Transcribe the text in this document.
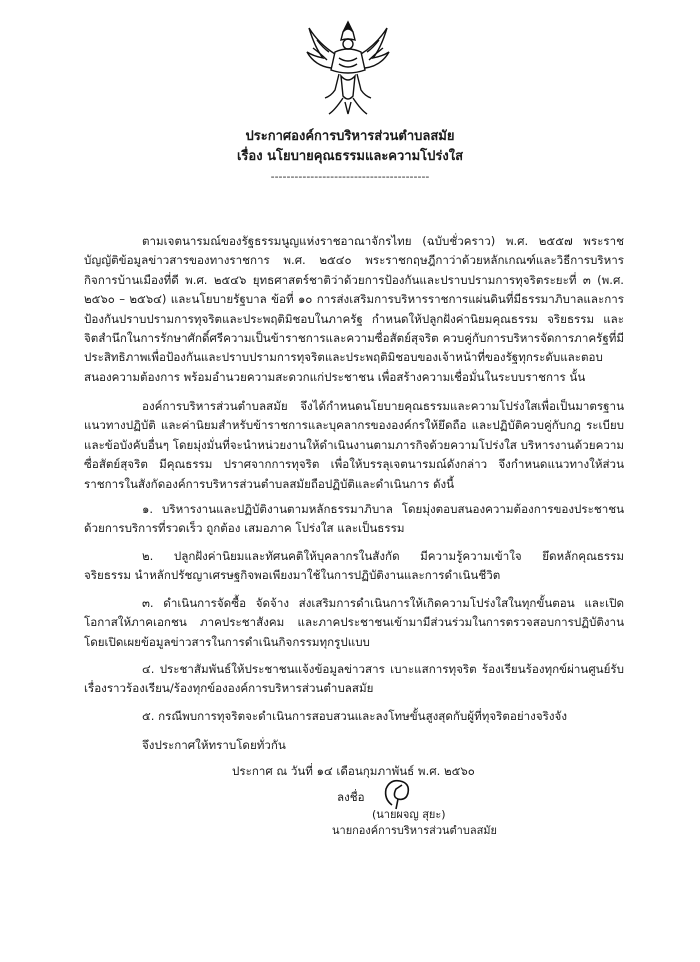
ประกาศองค์การบริหารส่วนตำบลสมัย

เรื่อง นโยบายคุณธรรมและความโปร่งใส

----------------------------------------
ตามเจตนารมณ์ของรัฐธรรมนูญแห่งราชอาณาจักรไทย (ฉบับชั่วคราว) พ.ศ. ๒๕๕๗ พระราชบัญญัติข้อมูลข่าวสารของทางราชการ พ.ศ. ๒๕๔๐ พระราชกฤษฎีกาว่าด้วยหลักเกณฑ์และวิธีการบริหารกิจการบ้านเมืองที่ดี พ.ศ. ๒๕๔๖ ยุทธศาสตร์ชาติว่าด้วยการป้องกันและปราบปรามการทุจริตระยะที่ ๓ (พ.ศ. ๒๕๖๐ – ๒๕๖๔) และนโยบายรัฐบาล ข้อที่ ๑๐ การส่งเสริมการบริหารราชการแผ่นดินที่มีธรรมาภิบาลและการป้องกันปราบปรามการทุจริตและประพฤติมิชอบในภาครัฐ กำหนดให้ปลูกฝังค่านิยมคุณธรรม จริยธรรม และจิตสำนึกในการรักษาศักดิ์ศรีความเป็นข้าราชการและความซื่อสัตย์สุจริต ควบคู่กับการบริหารจัดการภาครัฐที่มีประสิทธิภาพเพื่อป้องกันและปราบปรามการทุจริตและประพฤติมิชอบของเจ้าหน้าที่ของรัฐทุกระดับและตอบสนองความต้องการ พร้อมอำนวยความสะดวกแก่ประชาชน เพื่อสร้างความเชื่อมั่นในระบบราชการ นั้น
องค์การบริหารส่วนตำบลสมัย จึงได้กำหนดนโยบายคุณธรรมและความโปร่งใสเพื่อเป็นมาตรฐาน แนวทางปฏิบัติ และค่านิยมสำหรับข้าราชการและบุคลากรขององค์กรให้ยึดถือ และปฏิบัติควบคู่กับกฎ ระเบียบ และข้อบังคับอื่นๆ โดยมุ่งมั่นที่จะนำหน่วยงานให้ดำเนินงานตามภารกิจด้วยความโปร่งใส บริหารงานด้วยความซื่อสัตย์สุจริต มีคุณธรรม ปราศจากการทุจริต เพื่อให้บรรลุเจตนารมณ์ดังกล่าว จึงกำหนดแนวทางให้ส่วนราชการในสังกัดองค์การบริหารส่วนตำบลสมัยถือปฏิบัติและดำเนินการ ดังนี้
๑. บริหารงานและปฏิบัติงานตามหลักธรรมาภิบาล โดยมุ่งตอบสนองความต้องการของประชาชนด้วยการบริการที่รวดเร็ว ถูกต้อง เสมอภาค โปร่งใส และเป็นธรรม
๒. ปลูกฝังค่านิยมและทัศนคติให้บุคลากรในสังกัด มีความรู้ความเข้าใจ ยึดหลักคุณธรรม จริยธรรม นำหลักปรัชญาเศรษฐกิจพอเพียงมาใช้ในการปฏิบัติงานและการดำเนินชีวิต
๓. ดำเนินการจัดซื้อ จัดจ้าง ส่งเสริมการดำเนินการให้เกิดความโปร่งใสในทุกขั้นตอน และเปิดโอกาสให้ภาคเอกชน ภาคประชาสังคม และภาคประชาชนเข้ามามีส่วนร่วมในการตรวจสอบการปฏิบัติงาน โดยเปิดเผยข้อมูลข่าวสารในการดำเนินกิจกรรมทุกรูปแบบ
๔. ประชาสัมพันธ์ให้ประชาชนแจ้งข้อมูลข่าวสาร เบาะแสการทุจริต ร้องเรียนร้องทุกข์ผ่านศูนย์รับเรื่องราวร้องเรียน/ร้องทุกข์ององค์การบริหารส่วนตำบลสมัย
๕. กรณีพบการทุจริตจะดำเนินการสอบสวนและลงโทษขั้นสูงสุดกับผู้ที่ทุจริตอย่างจริงจัง
จึงประกาศให้ทราบโดยทั่วกัน
ประกาศ ณ วันที่ ๑๔ เดือนกุมภาพันธ์ พ.ศ. ๒๕๖๐
ลงชื่อ
(นายผจญ สุยะ)
นายกองค์การบริหารส่วนตำบลสมัย
